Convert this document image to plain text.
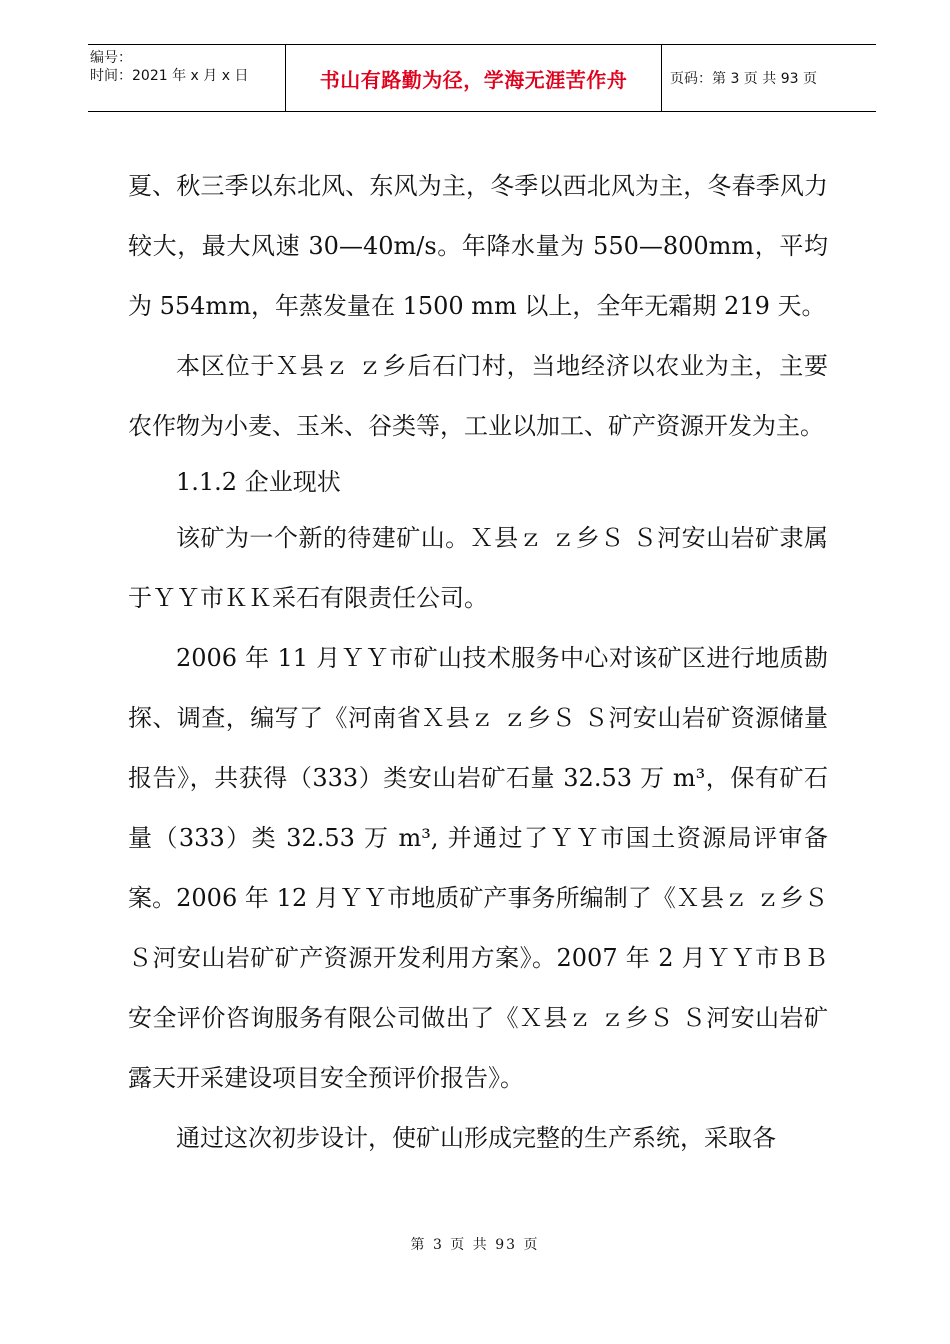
编号：
时间：2021 年 x 月 x 日	书山有路勤为径，学海无涯苦作舟	页码：第 3 页 共 93 页

夏、秋三季以东北风、东风为主，冬季以西北风为主，冬春季风力较大，最大风速 30—40m/s。年降水量为 550—800mm，平均为 554mm，年蒸发量在 1500 mm 以上，全年无霜期 219 天。

本区位于Ｘ县ｚ ｚ乡后石门村，当地经济以农业为主，主要农作物为小麦、玉米、谷类等，工业以加工、矿产资源开发为主。

1.1.2 企业现状

该矿为一个新的待建矿山。Ｘ县ｚ ｚ乡Ｓ Ｓ河安山岩矿隶属于ＹＹ市ＫＫ采石有限责任公司。

2006 年 11 月ＹＹ市矿山技术服务中心对该矿区进行地质勘探、调查，编写了《河南省Ｘ县ｚ ｚ乡Ｓ Ｓ河安山岩矿资源储量报告》，共获得（333）类安山岩矿石量 32.53 万 m³，保有矿石量（333）类 32.53 万 m³, 并通过了ＹＹ市国土资源局评审备案。2006 年 12 月ＹＹ市地质矿产事务所编制了《Ｘ县ｚ ｚ乡ＳＳ河安山岩矿矿产资源开发利用方案》。2007 年 2 月ＹＹ市ＢＢ安全评价咨询服务有限公司做出了《Ｘ县ｚ ｚ乡Ｓ Ｓ河安山岩矿露天开采建设项目安全预评价报告》。

通过这次初步设计，使矿山形成完整的生产系统，采取各

第 3 页 共 93 页
